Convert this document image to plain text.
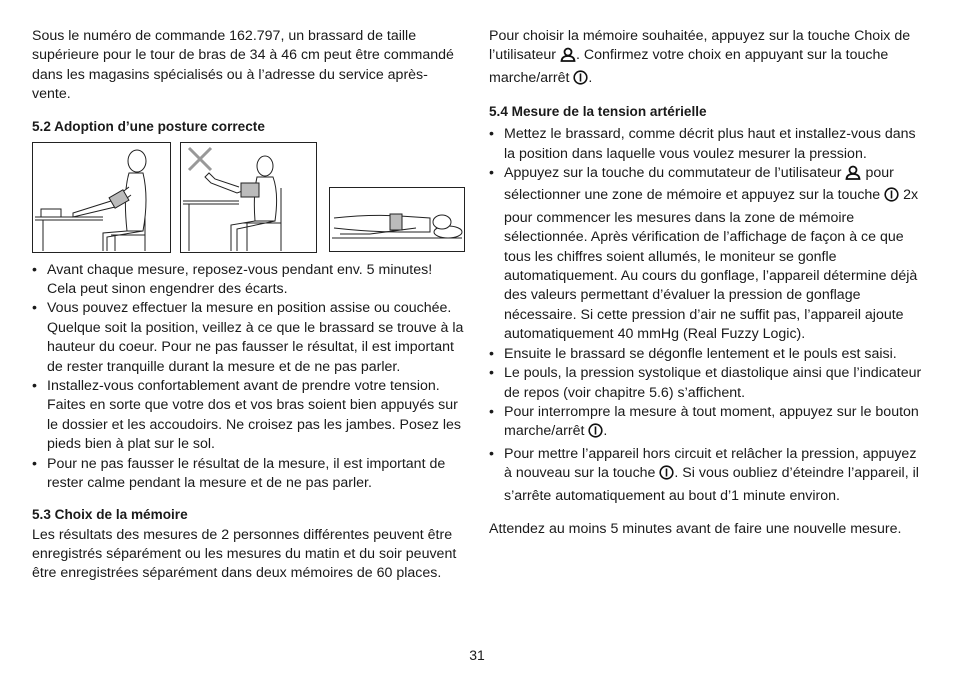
Sous le numéro de commande 162.797, un brassard de taille supérieure pour le tour de bras de 34 à 46 cm peut être commandé dans les magasins spécialisés ou à l’adresse du service après-vente.

5.2 Adoption d’une posture correcte
• Avant chaque mesure, reposez-vous pendant env. 5 minutes! Cela peut sinon engendrer des écarts.
• Vous pouvez effectuer la mesure en position assise ou couchée. Quelque soit la position, veillez à ce que le brassard se trouve à la hauteur du coeur. Pour ne pas fausser le résultat, il est important de rester tranquille durant la mesure et de ne pas parler.
• Installez-vous confortablement avant de prendre votre tension. Faites en sorte que votre dos et vos bras soient bien appuyés sur le dossier et les accoudoirs. Ne croisez pas les jambes. Posez les pieds bien à plat sur le sol.
• Pour ne pas fausser le résultat de la mesure, il est important de rester calme pendant la mesure et de ne pas parler.
5.3 Choix de la mémoire

Les résultats des mesures de 2 personnes différentes peuvent être enregistrés séparément ou les mesures du matin et du soir peuvent être enregistrées séparément dans deux mémoires de 60 places.

Pour choisir la mémoire souhaitée, appuyez sur la touche Choix de l’utilisateur . Confirmez votre choix en appuyant sur la touche marche/arrêt .

5.4 Mesure de la tension artérielle
• Mettez le brassard, comme décrit plus haut et installez-vous dans la position dans laquelle vous voulez mesurer la pression.
• Appuyez sur la touche du commutateur de l’utilisateur pour sélectionner une zone de mémoire et appuyez sur la touche 2x pour commencer les mesures dans la zone de mémoire sélectionnée. Après vérification de l’affichage de façon à ce que tous les chiffres soient allumés, le moniteur se gonfle automatiquement. Au cours du gonflage, l’appareil détermine déjà des valeurs permettant d’évaluer la pression de gonflage nécessaire. Si cette pression d’air ne suffit pas, l’appareil ajoute automatiquement 40 mmHg (Real Fuzzy Logic).
• Ensuite le brassard se dégonfle lentement et le pouls est saisi.
• Le pouls, la pression systolique et diastolique ainsi que l’indicateur de repos (voir chapitre 5.6) s’affichent.
• Pour interrompre la mesure à tout moment, appuyez sur le bouton marche/arrêt .
• Pour mettre l’appareil hors circuit et relâcher la pression, appuyez à nouveau sur la touche . Si vous oubliez d’éteindre l’appareil, il s’arrête automatiquement au bout d’1 minute environ.

Attendez au moins 5 minutes avant de faire une nouvelle mesure.

31
